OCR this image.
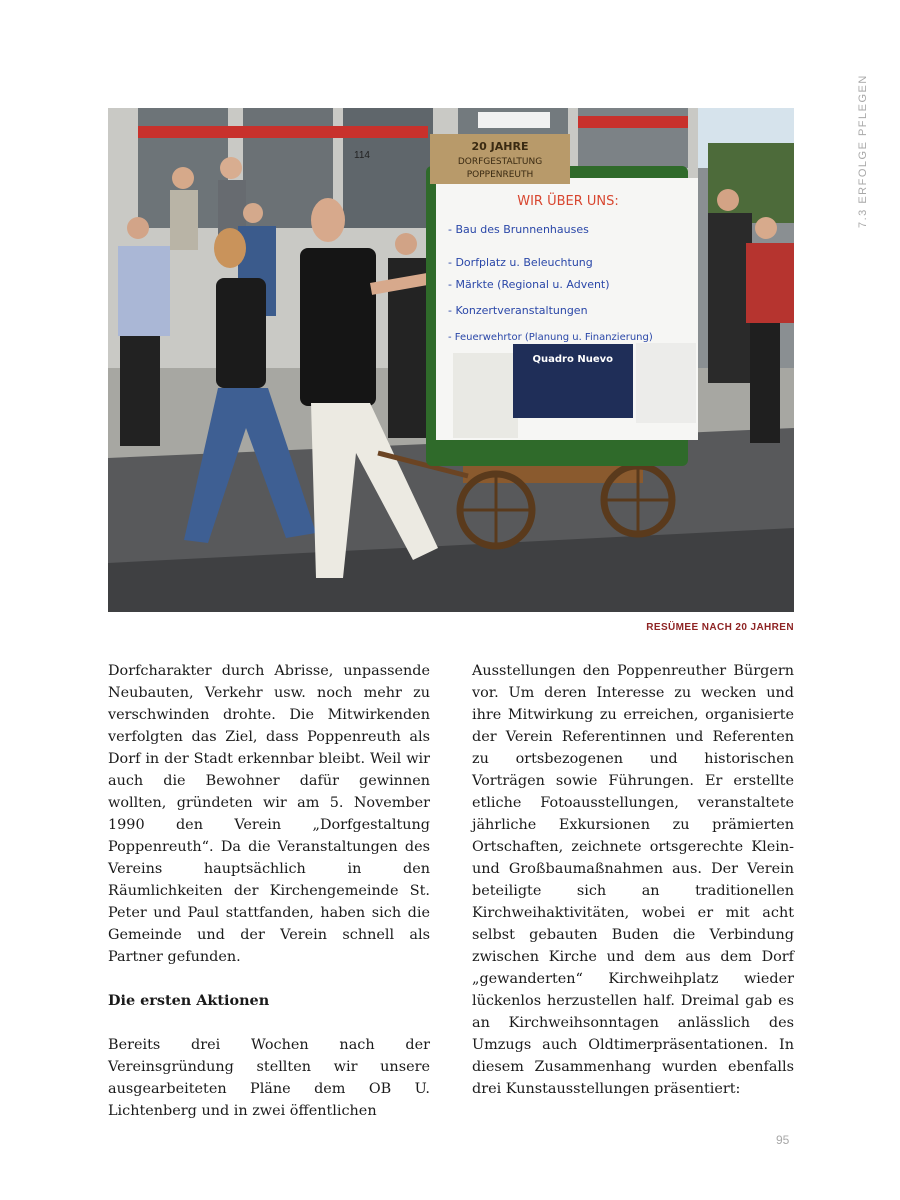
7.3 ERFOLGE PFLEGEN
114
20 JAHRE
DORFGESTALTUNG
POPPENREUTH
WIR ÜBER UNS:
- Bau des Brunnenhauses
- Dorfplatz u. Beleuchtung
- Märkte (Regional u. Advent)
- Konzertveranstaltungen
- Feuerwehrtor (Planung u. Finanzierung)
Quadro Nuevo
RESÜMEE NACH 20 JAHREN

Dorfcharakter durch Abrisse, unpassende Neubauten, Verkehr usw. noch mehr zu verschwinden drohte. Die Mitwirkenden verfolgten das Ziel, dass Poppenreuth als Dorf in der Stadt erkennbar bleibt. Weil wir auch die Bewohner dafür gewinnen wollten, gründeten wir am 5. November 1990 den Verein „Dorfgestaltung Poppenreuth“. Da die Veranstaltungen des Vereins hauptsächlich in den Räumlichkeiten der Kirchengemeinde St. Peter und Paul stattfanden, haben sich die Gemeinde und der Verein schnell als Partner gefunden.

Die ersten Aktionen

Bereits drei Wochen nach der Vereinsgründung stellten wir unsere ausgearbeiteten Pläne dem OB U. Lichtenberg und in zwei öffentlichen

Ausstellungen den Poppenreuther Bürgern vor. Um deren Interesse zu wecken und ihre Mitwirkung zu erreichen, organisierte der Verein Referentinnen und Referenten zu ortsbezogenen und historischen Vorträgen sowie Führungen. Er erstellte etliche Fotoausstellungen, veranstaltete jährliche Exkursionen zu prämierten Ortschaften, zeichnete ortsgerechte Klein- und Großbaumaßnahmen aus. Der Verein beteiligte sich an traditionellen Kirchweihaktivitäten, wobei er mit acht selbst gebauten Buden die Verbindung zwischen Kirche und dem aus dem Dorf „gewanderten“ Kirchweihplatz wieder lückenlos herzustellen half. Dreimal gab es an Kirchweihsonntagen anlässlich des Umzugs auch Oldtimerpräsentationen. In diesem Zusammenhang wurden ebenfalls drei Kunstausstellungen präsentiert:

95
